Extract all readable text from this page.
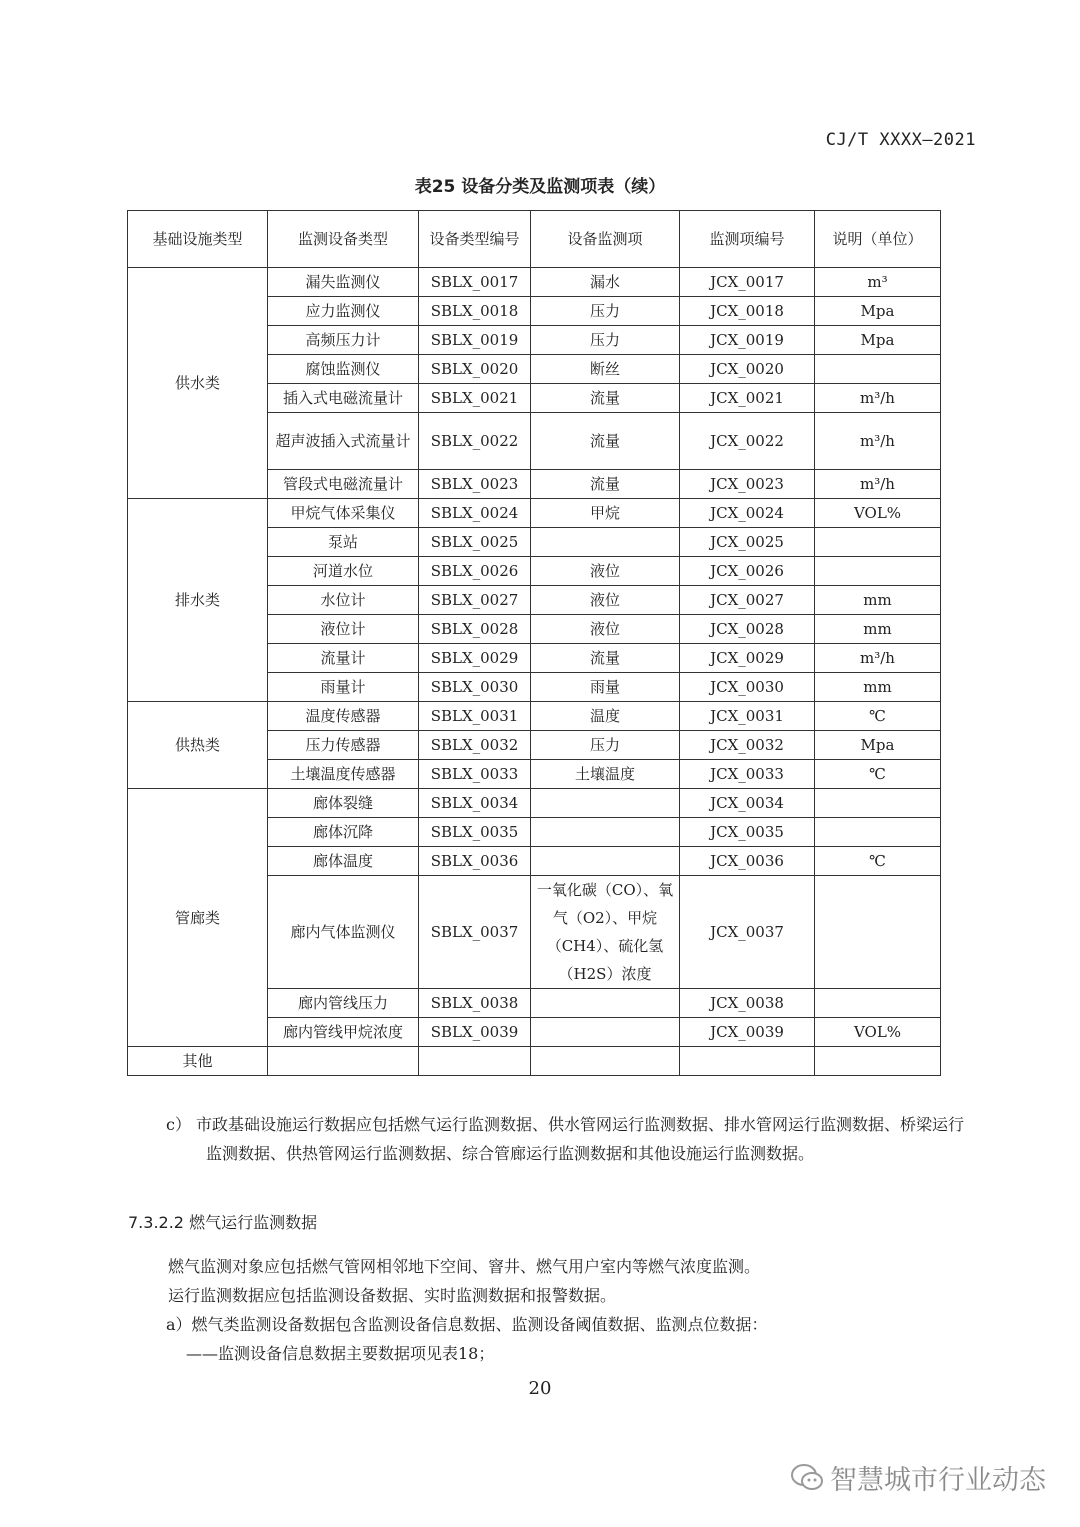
CJ/T XXXX—2021
表25 设备分类及监测项表（续）
基础设施类型	监测设备类型	设备类型编号	设备监测项	监测项编号	说明（单位）
供水类	漏失监测仪	SBLX_0017	漏水	JCX_0017	m³
	应力监测仪	SBLX_0018	压力	JCX_0018	Mpa
	高频压力计	SBLX_0019	压力	JCX_0019	Mpa
	腐蚀监测仪	SBLX_0020	断丝	JCX_0020	
	插入式电磁流量计	SBLX_0021	流量	JCX_0021	m³/h
	超声波插入式流量计	SBLX_0022	流量	JCX_0022	m³/h
	管段式电磁流量计	SBLX_0023	流量	JCX_0023	m³/h
排水类	甲烷气体采集仪	SBLX_0024	甲烷	JCX_0024	VOL%
	泵站	SBLX_0025		JCX_0025	
	河道水位	SBLX_0026	液位	JCX_0026	
	水位计	SBLX_0027	液位	JCX_0027	mm
	液位计	SBLX_0028	液位	JCX_0028	mm
	流量计	SBLX_0029	流量	JCX_0029	m³/h
	雨量计	SBLX_0030	雨量	JCX_0030	mm
供热类	温度传感器	SBLX_0031	温度	JCX_0031	℃
	压力传感器	SBLX_0032	压力	JCX_0032	Mpa
	土壤温度传感器	SBLX_0033	土壤温度	JCX_0033	℃
管廊类	廊体裂缝	SBLX_0034		JCX_0034	
	廊体沉降	SBLX_0035		JCX_0035	
	廊体温度	SBLX_0036		JCX_0036	℃
	廊内气体监测仪	SBLX_0037	一氧化碳（CO）、氧气（O2）、甲烷（CH4）、硫化氢（H2S）浓度	JCX_0037	
	廊内管线压力	SBLX_0038		JCX_0038	
	廊内管线甲烷浓度	SBLX_0039		JCX_0039	VOL%
其他					
c） 市政基础设施运行数据应包括燃气运行监测数据、供水管网运行监测数据、排水管网运行监测数据、桥梁运行监测数据、供热管网运行监测数据、综合管廊运行监测数据和其他设施运行监测数据。
7.3.2.2 燃气运行监测数据
燃气监测对象应包括燃气管网相邻地下空间、窨井、燃气用户室内等燃气浓度监测。
运行监测数据应包括监测设备数据、实时监测数据和报警数据。
a）燃气类监测设备数据包含监测设备信息数据、监测设备阈值数据、监测点位数据：
——监测设备信息数据主要数据项见表18；
20
智慧城市行业动态
